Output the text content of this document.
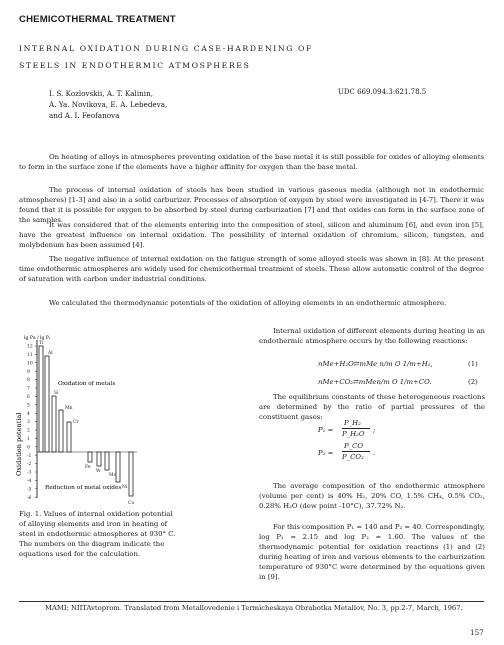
CHEMICOTHERMAL TREATMENT
INTERNAL OXIDATION DURING CASE-HARDENING OF
STEELS IN ENDOTHERMIC ATMOSPHERES
I. S. Kozlovskii, A. T. Kalinin,
A. Ya. Novikova, E. A. Lebedeva,
and A. I. Feofanova
UDC 669.094.3:621.78.5
On heating of alloys in atmospheres preventing oxidation of the base metal it is still possible for oxides of alloying elements to form in the surface zone if the elements have a higher affinity for oxygen than the base metal.
The process of internal oxidation of steels has been studied in various gaseous media (although not in endothermic atmospheres) [1-3] and also in a solid carburizer. Processes of absorption of oxygen by steel were investigated in [4-7]. There it was found that it is possible for oxygen to be absorbed by steel during carburization [7] and that oxides can form in the surface zone of the samples.
It was considered that of the elements entering into the composition of steel, silicon and aluminum [6], and even iron [5], have the greatest influence on internal oxidation. The possibility of internal oxidation of chromium, silicon, tungsten, and molybdenum has been assumed [4].
The negative influence of internal oxidation on the fatigue strength of some alloyed steels was shown in [8]. At the present time endothermic atmospheres are widely used for chemicothermal treatment of steels. These allow automatic control of the degree of saturation with carbon under industrial conditions.
We calculated the thermodynamic potentials of the oxidation of alloying elements in an endothermic atmosphere.
Oxidation potential
lg Pu / lg P₁
12
11
10
9
8
7
6
5
4
3
2
1
0
-1
-2
-3
-4
-5
-6
Ti
Al
Si
Mn
Cr
Fe
W
Mo
Ni
Co
Oxidation of metals
Reduction of metal oxides
Fig. 1. Values of internal oxidation potential of alloying elements and iron in heating of steel in endothermic atmospheres at 930° C. The numbers on the diagram indicate the equations used for the calculation.
Internal oxidation of different elements during heating in an endothermic atmosphere occurs by the following reactions:
nMe+H₂O⇄mMe n/m O 1/m+H₂,	(1)
nMe+CO₂⇄mMen/m O 1/m+CO.	(2)
The equilibrium constants of these heterogeneous reactions are determined by the ratio of partial pressures of the constituent gases:
P₁ =
P_H₂
P_H₂O ;
P₂ =
P_CO
P_CO₂ .
The average composition of the endothermic atmosphere (volume per cent) is 40% H₂, 20% CO, 1.5% CH₄, 0.5% CO₂, 0.28% H₂O (dew point -10°C), 37.72% N₂.
For this composition P₁ = 140 and P₂ = 40. Correspondingly, log P₁ = 2.15 and log P₂ = 1.60. The values of the thermodynamic potential for oxidation reactions (1) and (2) during heating of iron and various elements to the carburization temperature of 930°C were determined by the equations given in [9].
MAMI; NIITAvtoprom. Translated from Metallovedenie i Termicheskaya Obrabotka Metallov, No. 3, pp.2-7, March, 1967.
157
